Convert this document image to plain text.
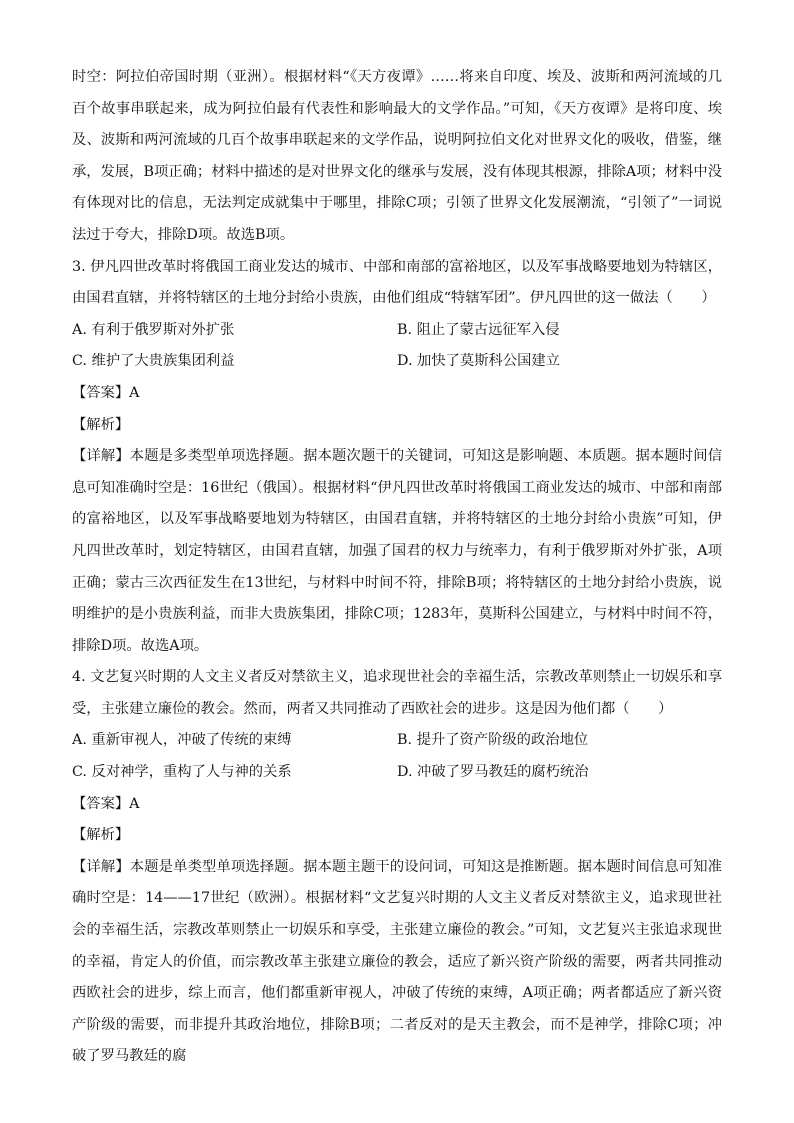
时空：阿拉伯帝国时期（亚洲）。根据材料“《天方夜谭》……将来自印度、埃及、波斯和两河流域的几百个故事串联起来，成为阿拉伯最有代表性和影响最大的文学作品。”可知，《天方夜谭》是将印度、埃及、波斯和两河流域的几百个故事串联起来的文学作品，说明阿拉伯文化对世界文化的吸收，借鉴，继承，发展，B项正确；材料中描述的是对世界文化的继承与发展，没有体现其根源，排除A项；材料中没有体现对比的信息，无法判定成就集中于哪里，排除C项；引领了世界文化发展潮流，“引领了”一词说法过于夸大，排除D项。故选B项。

3. 伊凡四世改革时将俄国工商业发达的城市、中部和南部的富裕地区，以及军事战略要地划为特辖区，由国君直辖，并将特辖区的土地分封给小贵族，由他们组成“特辖军团”。伊凡四世的这一做法（　　）

A. 有利于俄罗斯对外扩张	B. 阻止了蒙古远征军入侵
C. 维护了大贵族集团利益	D. 加快了莫斯科公国建立
【答案】A
【解析】

【详解】本题是多类型单项选择题。据本题次题干的关键词，可知这是影响题、本质题。据本题时间信息可知准确时空是：16世纪（俄国）。根据材料“伊凡四世改革时将俄国工商业发达的城市、中部和南部的富裕地区，以及军事战略要地划为特辖区，由国君直辖，并将特辖区的土地分封给小贵族”可知，伊凡四世改革时，划定特辖区，由国君直辖，加强了国君的权力与统率力，有利于俄罗斯对外扩张，A项正确；蒙古三次西征发生在13世纪，与材料中时间不符，排除B项；将特辖区的土地分封给小贵族，说明维护的是小贵族利益，而非大贵族集团，排除C项；1283年，莫斯科公国建立，与材料中时间不符，排除D项。故选A项。

4. 文艺复兴时期的人文主义者反对禁欲主义，追求现世社会的幸福生活，宗教改革则禁止一切娱乐和享受，主张建立廉俭的教会。然而，两者又共同推动了西欧社会的进步。这是因为他们都（　　）

A. 重新审视人，冲破了传统的束缚	B. 提升了资产阶级的政治地位
C. 反对神学，重构了人与神的关系	D. 冲破了罗马教廷的腐朽统治
【答案】A
【解析】

【详解】本题是单类型单项选择题。据本题主题干的设问词，可知这是推断题。据本题时间信息可知准确时空是：14——17世纪（欧洲）。根据材料“文艺复兴时期的人文主义者反对禁欲主义，追求现世社会的幸福生活，宗教改革则禁止一切娱乐和享受，主张建立廉俭的教会。”可知，文艺复兴主张追求现世的幸福，肯定人的价值，而宗教改革主张建立廉俭的教会，适应了新兴资产阶级的需要，两者共同推动西欧社会的进步，综上而言，他们都重新审视人，冲破了传统的束缚，A项正确；两者都适应了新兴资产阶级的需要，而非提升其政治地位，排除B项；二者反对的是天主教会，而不是神学，排除C项；冲破了罗马教廷的腐
